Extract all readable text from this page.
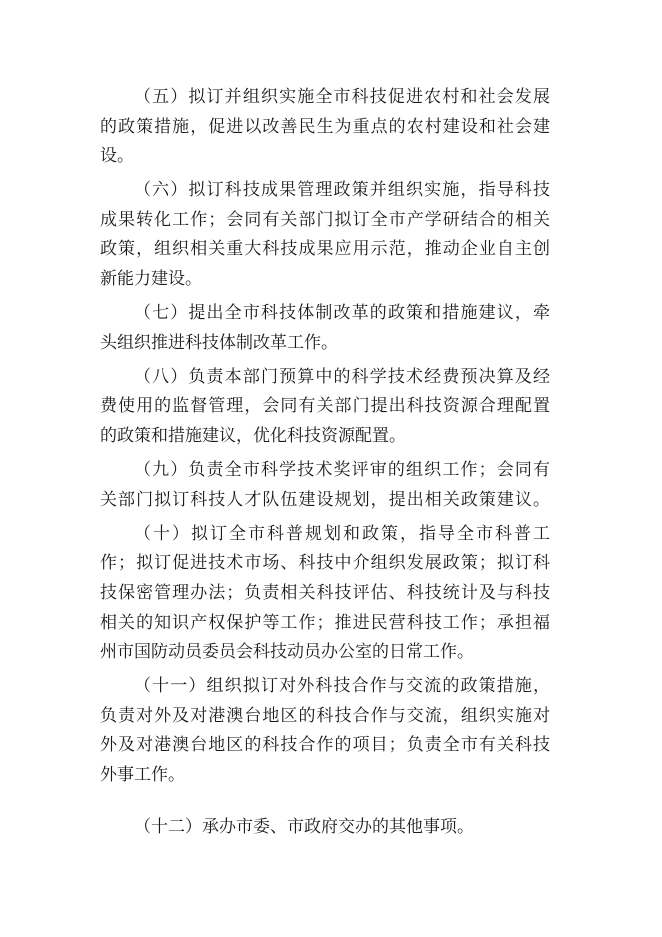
（五）拟订并组织实施全市科技促进农村和社会发展
的政策措施，促进以改善民生为重点的农村建设和社会建
设。
（六）拟订科技成果管理政策并组织实施，指导科技
成果转化工作；会同有关部门拟订全市产学研结合的相关
政策，组织相关重大科技成果应用示范，推动企业自主创
新能力建设。
（七）提出全市科技体制改革的政策和措施建议，牵
头组织推进科技体制改革工作。
（八）负责本部门预算中的科学技术经费预决算及经
费使用的监督管理，会同有关部门提出科技资源合理配置
的政策和措施建议，优化科技资源配置。
（九）负责全市科学技术奖评审的组织工作；会同有
关部门拟订科技人才队伍建设规划，提出相关政策建议。
（十）拟订全市科普规划和政策，指导全市科普工
作；拟订促进技术市场、科技中介组织发展政策；拟订科
技保密管理办法；负责相关科技评估、科技统计及与科技
相关的知识产权保护等工作；推进民营科技工作；承担福
州市国防动员委员会科技动员办公室的日常工作。
（十一）组织拟订对外科技合作与交流的政策措施，
负责对外及对港澳台地区的科技合作与交流，组织实施对
外及对港澳台地区的科技合作的项目；负责全市有关科技
外事工作。
（十二）承办市委、市政府交办的其他事项。
